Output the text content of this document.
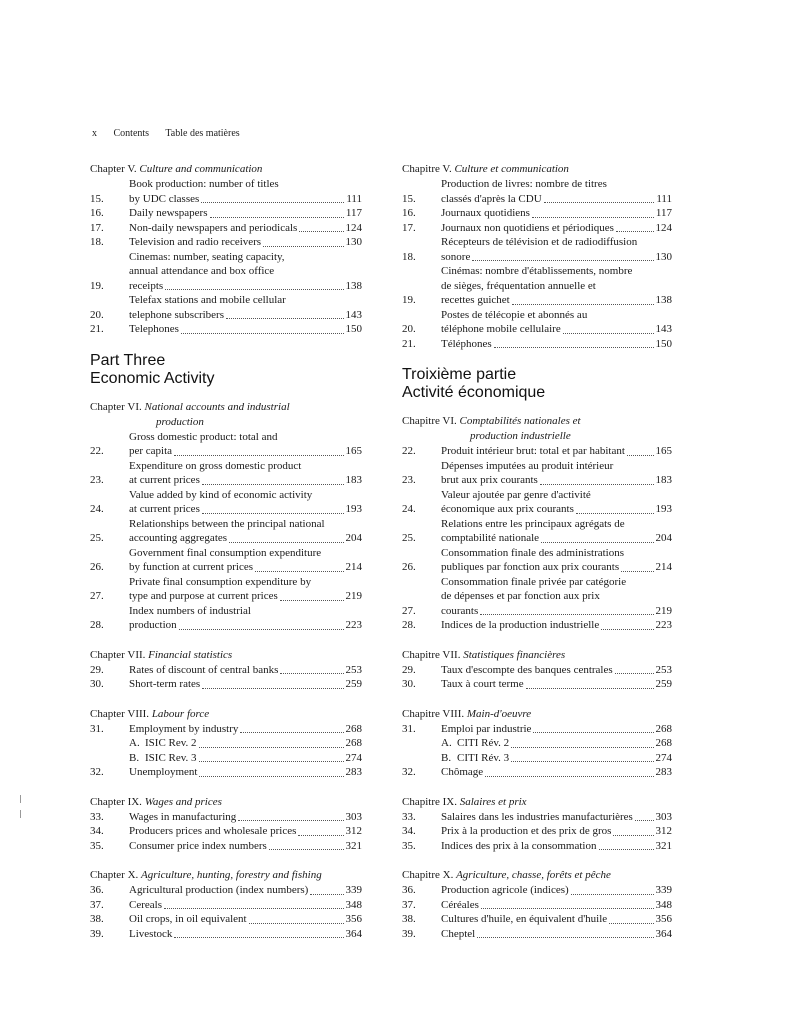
x Contents Table des matières

Chapter V. Culture and communication

15.
Book production: number of titles
by UDC classes	111
16.	Daily newspapers	117
17.	Non-daily newspapers and periodicals	124
18.	Television and radio receivers	130
19.
Cinemas: number, seating capacity,
annual attendance and box office
receipts	138
20.
Telefax stations and mobile cellular
telephone subscribers	143
21.	Telephones	150
Part Three
Economic Activity

Chapter VI. National accounts and industrial
production

22.
Gross domestic product: total and
per capita	165
23.
Expenditure on gross domestic product
at current prices	183
24.
Value added by kind of economic activity
at current prices	193
25.
Relationships between the principal national
accounting aggregates	204
26.
Government final consumption expenditure
by function at current prices	214
27.
Private final consumption expenditure by
type and purpose at current prices	219
28.
Index numbers of industrial
production	223

Chapter VII. Financial statistics

29.	Rates of discount of central banks	253
30.	Short-term rates	259

Chapter VIII. Labour force

31.	Employment by industry	268
A. ISIC Rev. 2	268
B. ISIC Rev. 3	274
32.	Unemployment	283

Chapter IX. Wages and prices

33.	Wages in manufacturing	303
34.	Producers prices and wholesale prices	312
35.	Consumer price index numbers	321

Chapter X. Agriculture, hunting, forestry and fishing

36.	Agricultural production (index numbers)	339
37.	Cereals	348
38.	Oil crops, in oil equivalent	356
39.	Livestock	364

Chapitre V. Culture et communication

15.
Production de livres: nombre de titres
classés d'après la CDU	111
16.	Journaux quotidiens	117
17.	Journaux non quotidiens et périodiques	124
18.
Récepteurs de télévision et de radiodiffusion
sonore	130
19.
Cinémas: nombre d'établissements, nombre
de sièges, fréquentation annuelle et
recettes guichet	138
20.
Postes de télécopie et abonnés au
téléphone mobile cellulaire	143
21.	Téléphones	150
Troixième partie
Activité économique

Chapitre VI. Comptabilités nationales et
production industrielle

22.	Produit intérieur brut: total et par habitant	165
23.
Dépenses imputées au produit intérieur
brut aux prix courants	183
24.
Valeur ajoutée par genre d'activité
économique aux prix courants	193
25.
Relations entre les principaux agrégats de
comptabilité nationale	204
26.
Consommation finale des administrations
publiques par fonction aux prix courants	214
27.
Consommation finale privée par catégorie
de dépenses et par fonction aux prix
courants	219
28.	Indices de la production industrielle	223

Chapitre VII. Statistiques financières

29.	Taux d'escompte des banques centrales	253
30.	Taux à court terme	259

Chapitre VIII. Main-d'oeuvre

31.	Emploi par industrie	268
A. CITI Rév. 2	268
B. CITI Rév. 3	274
32.	Chômage	283

Chapitre IX. Salaires et prix

33.	Salaires dans les industries manufacturières 303
34.	Prix à la production et des prix de gros	312
35.	Indices des prix à la consommation	321

Chapitre X. Agriculture, chasse, forêts et pêche

36.	Production agricole (indices)	339
37.	Céréales	348
38.	Cultures d'huile, en équivalent d'huile	356
39.	Cheptel	364
